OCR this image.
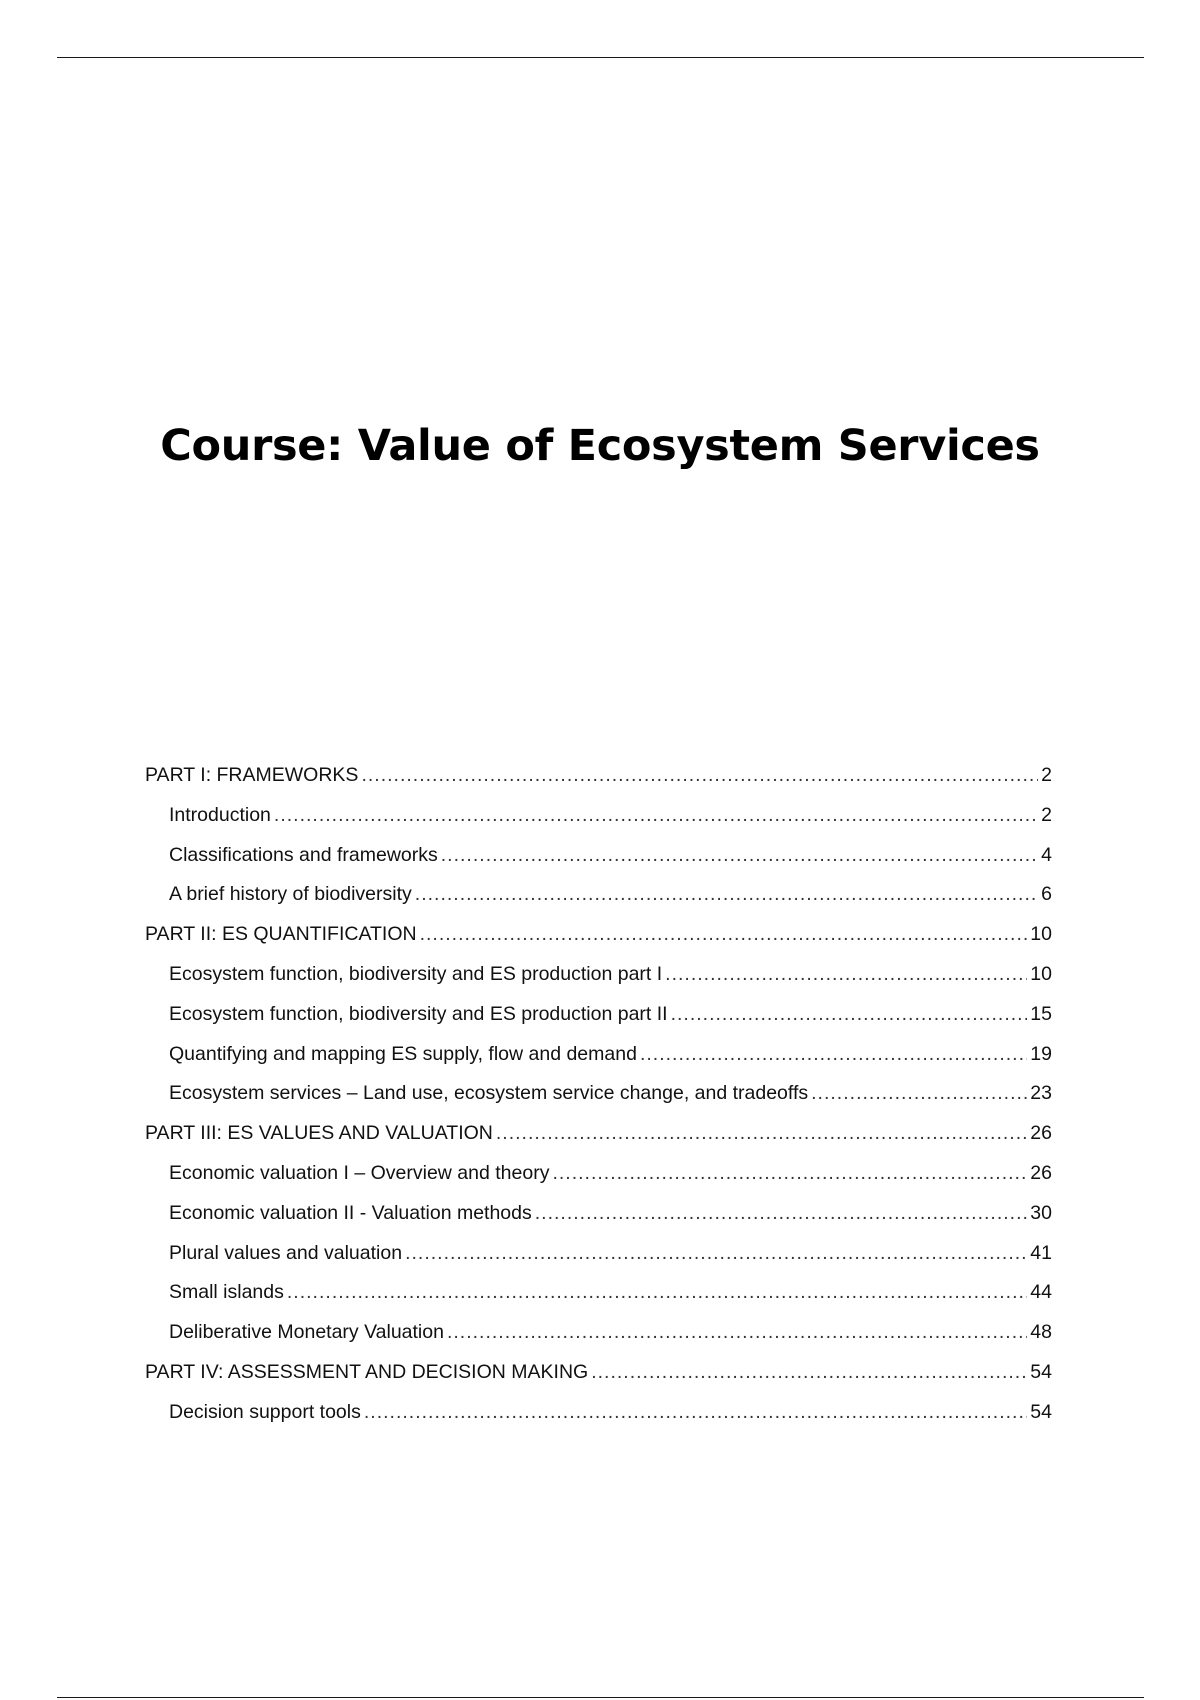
Course: Value of Ecosystem Services
PART I: FRAMEWORKS .....	2
Introduction .....	2
Classifications and frameworks .....	4
A brief history of biodiversity .....	6
PART II: ES QUANTIFICATION .....	10
Ecosystem function, biodiversity and ES production part I .....	10
Ecosystem function, biodiversity and ES production part II .....	15
Quantifying and mapping ES supply, flow and demand .....	19
Ecosystem services – Land use, ecosystem service change, and tradeoffs .....	23
PART III: ES VALUES AND VALUATION .....	26
Economic valuation I – Overview and theory .....	26
Economic valuation II - Valuation methods .....	30
Plural values and valuation .....	41
Small islands .....	44
Deliberative Monetary Valuation .....	48
PART IV: ASSESSMENT AND DECISION MAKING .....	54
Decision support tools .....	54
